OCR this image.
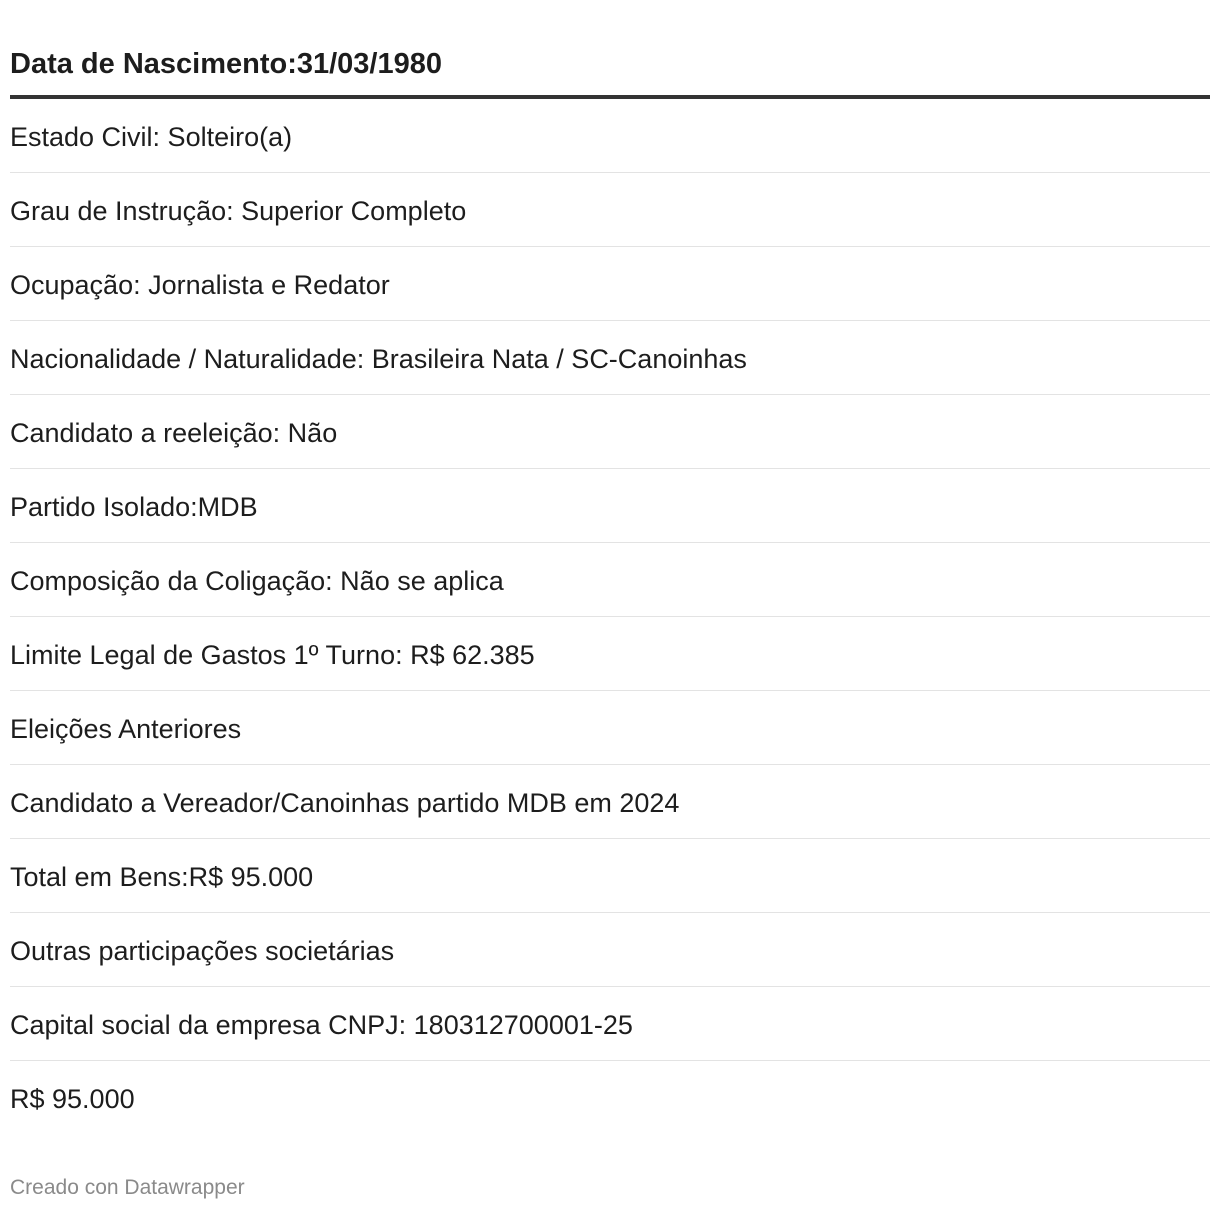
Data de Nascimento:31/03/1980
Estado Civil: Solteiro(a)
Grau de Instrução: Superior Completo
Ocupação: Jornalista e Redator
Nacionalidade / Naturalidade: Brasileira Nata / SC-Canoinhas
Candidato a reeleição: Não
Partido Isolado:MDB
Composição da Coligação: Não se aplica
Limite Legal de Gastos 1º Turno: R$ 62.385
Eleições Anteriores
Candidato a Vereador/Canoinhas partido MDB em 2024
Total em Bens:R$ 95.000
Outras participações societárias
Capital social da empresa CNPJ: 180312700001-25
R$ 95.000
Creado con Datawrapper
